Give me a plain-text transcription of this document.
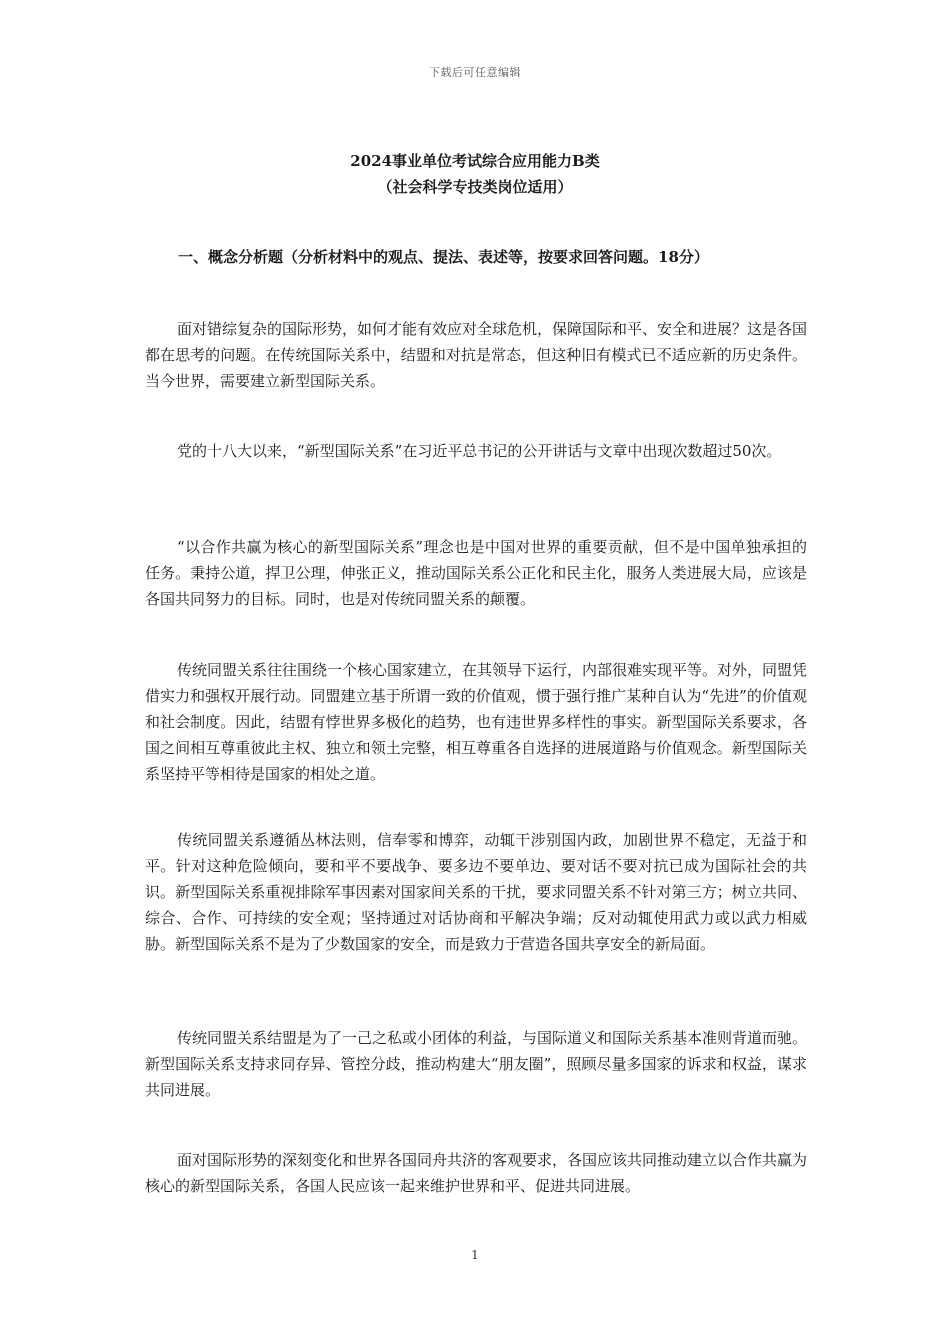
下载后可任意编辑
2024事业单位考试综合应用能力B类
（社会科学专技类岗位适用）
一、概念分析题（分析材料中的观点、提法、表述等，按要求回答问题。18分）

面对错综复杂的国际形势，如何才能有效应对全球危机，保障国际和平、安全和进展？这是各国都在思考的问题。在传统国际关系中，结盟和对抗是常态，但这种旧有模式已不适应新的历史条件。当今世界，需要建立新型国际关系。

党的十八大以来，“新型国际关系”在习近平总书记的公开讲话与文章中出现次数超过50次。

“以合作共赢为核心的新型国际关系”理念也是中国对世界的重要贡献，但不是中国单独承担的任务。秉持公道，捍卫公理，伸张正义，推动国际关系公正化和民主化，服务人类进展大局，应该是各国共同努力的目标。同时，也是对传统同盟关系的颠覆。

传统同盟关系往往围绕一个核心国家建立，在其领导下运行，内部很难实现平等。对外，同盟凭借实力和强权开展行动。同盟建立基于所谓一致的价值观，惯于强行推广某种自认为“先进”的价值观和社会制度。因此，结盟有悖世界多极化的趋势，也有违世界多样性的事实。新型国际关系要求，各国之间相互尊重彼此主权、独立和领土完整，相互尊重各自选择的进展道路与价值观念。新型国际关系坚持平等相待是国家的相处之道。

传统同盟关系遵循丛林法则，信奉零和博弈，动辄干涉别国内政，加剧世界不稳定，无益于和平。针对这种危险倾向，要和平不要战争、要多边不要单边、要对话不要对抗已成为国际社会的共识。新型国际关系重视排除军事因素对国家间关系的干扰，要求同盟关系不针对第三方；树立共同、综合、合作、可持续的安全观；坚持通过对话协商和平解决争端；反对动辄使用武力或以武力相威胁。新型国际关系不是为了少数国家的安全，而是致力于营造各国共享安全的新局面。

传统同盟关系结盟是为了一己之私或小团体的利益，与国际道义和国际关系基本准则背道而驰。新型国际关系支持求同存异、管控分歧，推动构建大“朋友圈”，照顾尽量多国家的诉求和权益，谋求共同进展。

面对国际形势的深刻变化和世界各国同舟共济的客观要求，各国应该共同推动建立以合作共赢为核心的新型国际关系，各国人民应该一起来维护世界和平、促进共同进展。

1
